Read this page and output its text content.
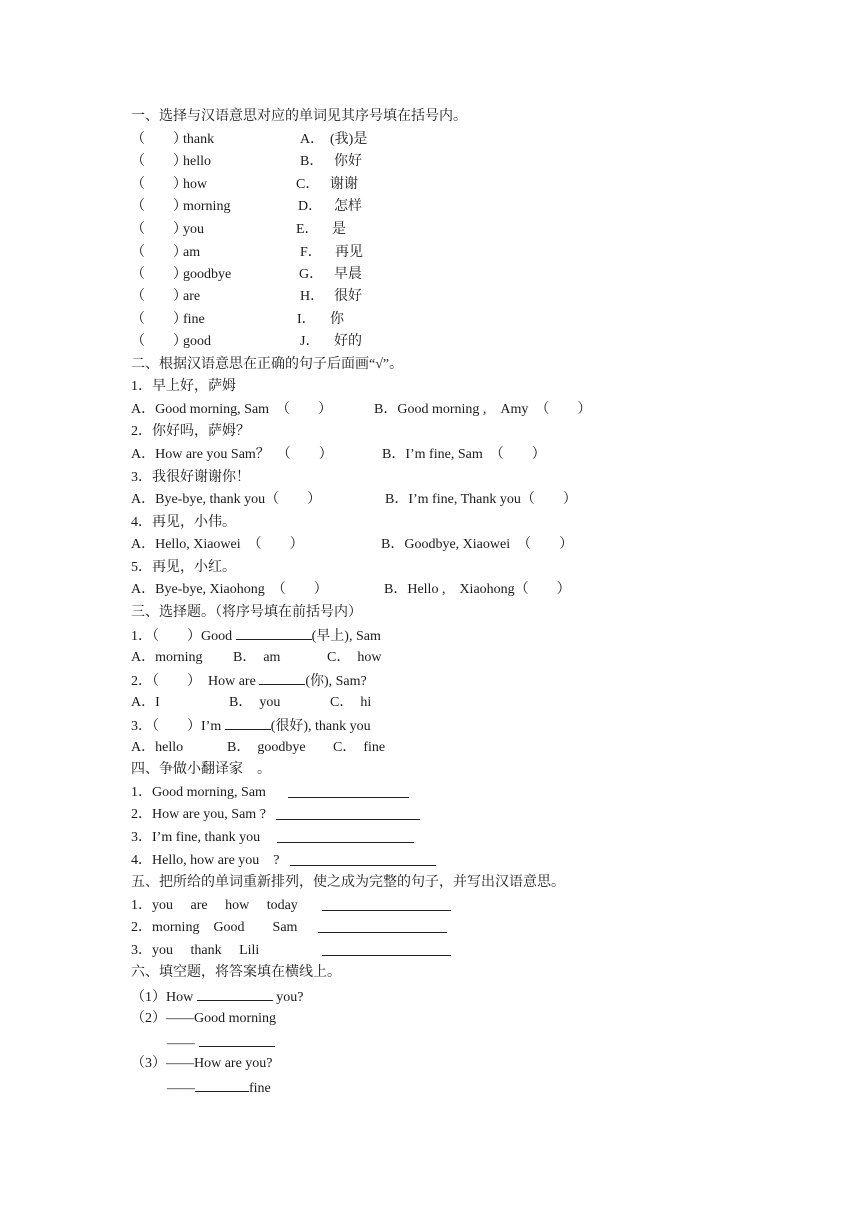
一、选择与汉语意思对应的单词见其序号填在括号内。
（　　）
thank	A． (我)是
（　　）
hello	B． 你好
（　　）
how	C． 谢谢
（　　）
morning	D． 怎样
（　　）
you	E． 是
（　　）
am	F． 再见
（　　）
goodbye	G． 早晨
（　　）
are	H． 很好
（　　）
fine	I． 你
（　　）
good	J． 好的
二、根据汉语意思在正确的句子后面画“√”。
1．早上好，萨姆
A．Good morning, Sam　（　　）	B．Good morning ,　Amy　（　　）
2．你好吗，萨姆？
A．How are you Sam？　（　　）	B．I’m fine, Sam　（　　）
3．我很好谢谢你！
A．Bye-bye, thank you（　　）	B．I’m fine, Thank you（　　）
4．再见，小伟。
A．Hello, Xiaowei　（　　）	B．Goodbye, Xiaowei　（　　）
5．再见，小红。
A．Bye-bye, Xiaohong　（　　）	B．Hello ,　Xiaohong（　　）
三、选择题。（将序号填在前括号内）
1．（　　）Good	(早上), Sam
A．morning B．　am	C．　how
2．（　　）　How are	(你), Sam?
A．I	B．　you	C．　hi
3．（　　）I’m	(很好), thank you
A．hello	B．　goodbye C．　fine
四、争做小翻译家　。
1．Good morning, Sam
2．How are you, Sam ?
3．I’m fine, thank you
4．Hello, how are you　?
五、把所给的单词重新排列，使之成为完整的句子，并写出汉语意思。
1．you　 are　 how　 today
2．morning　Good　　Sam
3．you　 thank　 Lili
六、填空题，将答案填在横线上。
（1）How	you?
（2）——Good morning
——
（3）——How are you?
——	fine
